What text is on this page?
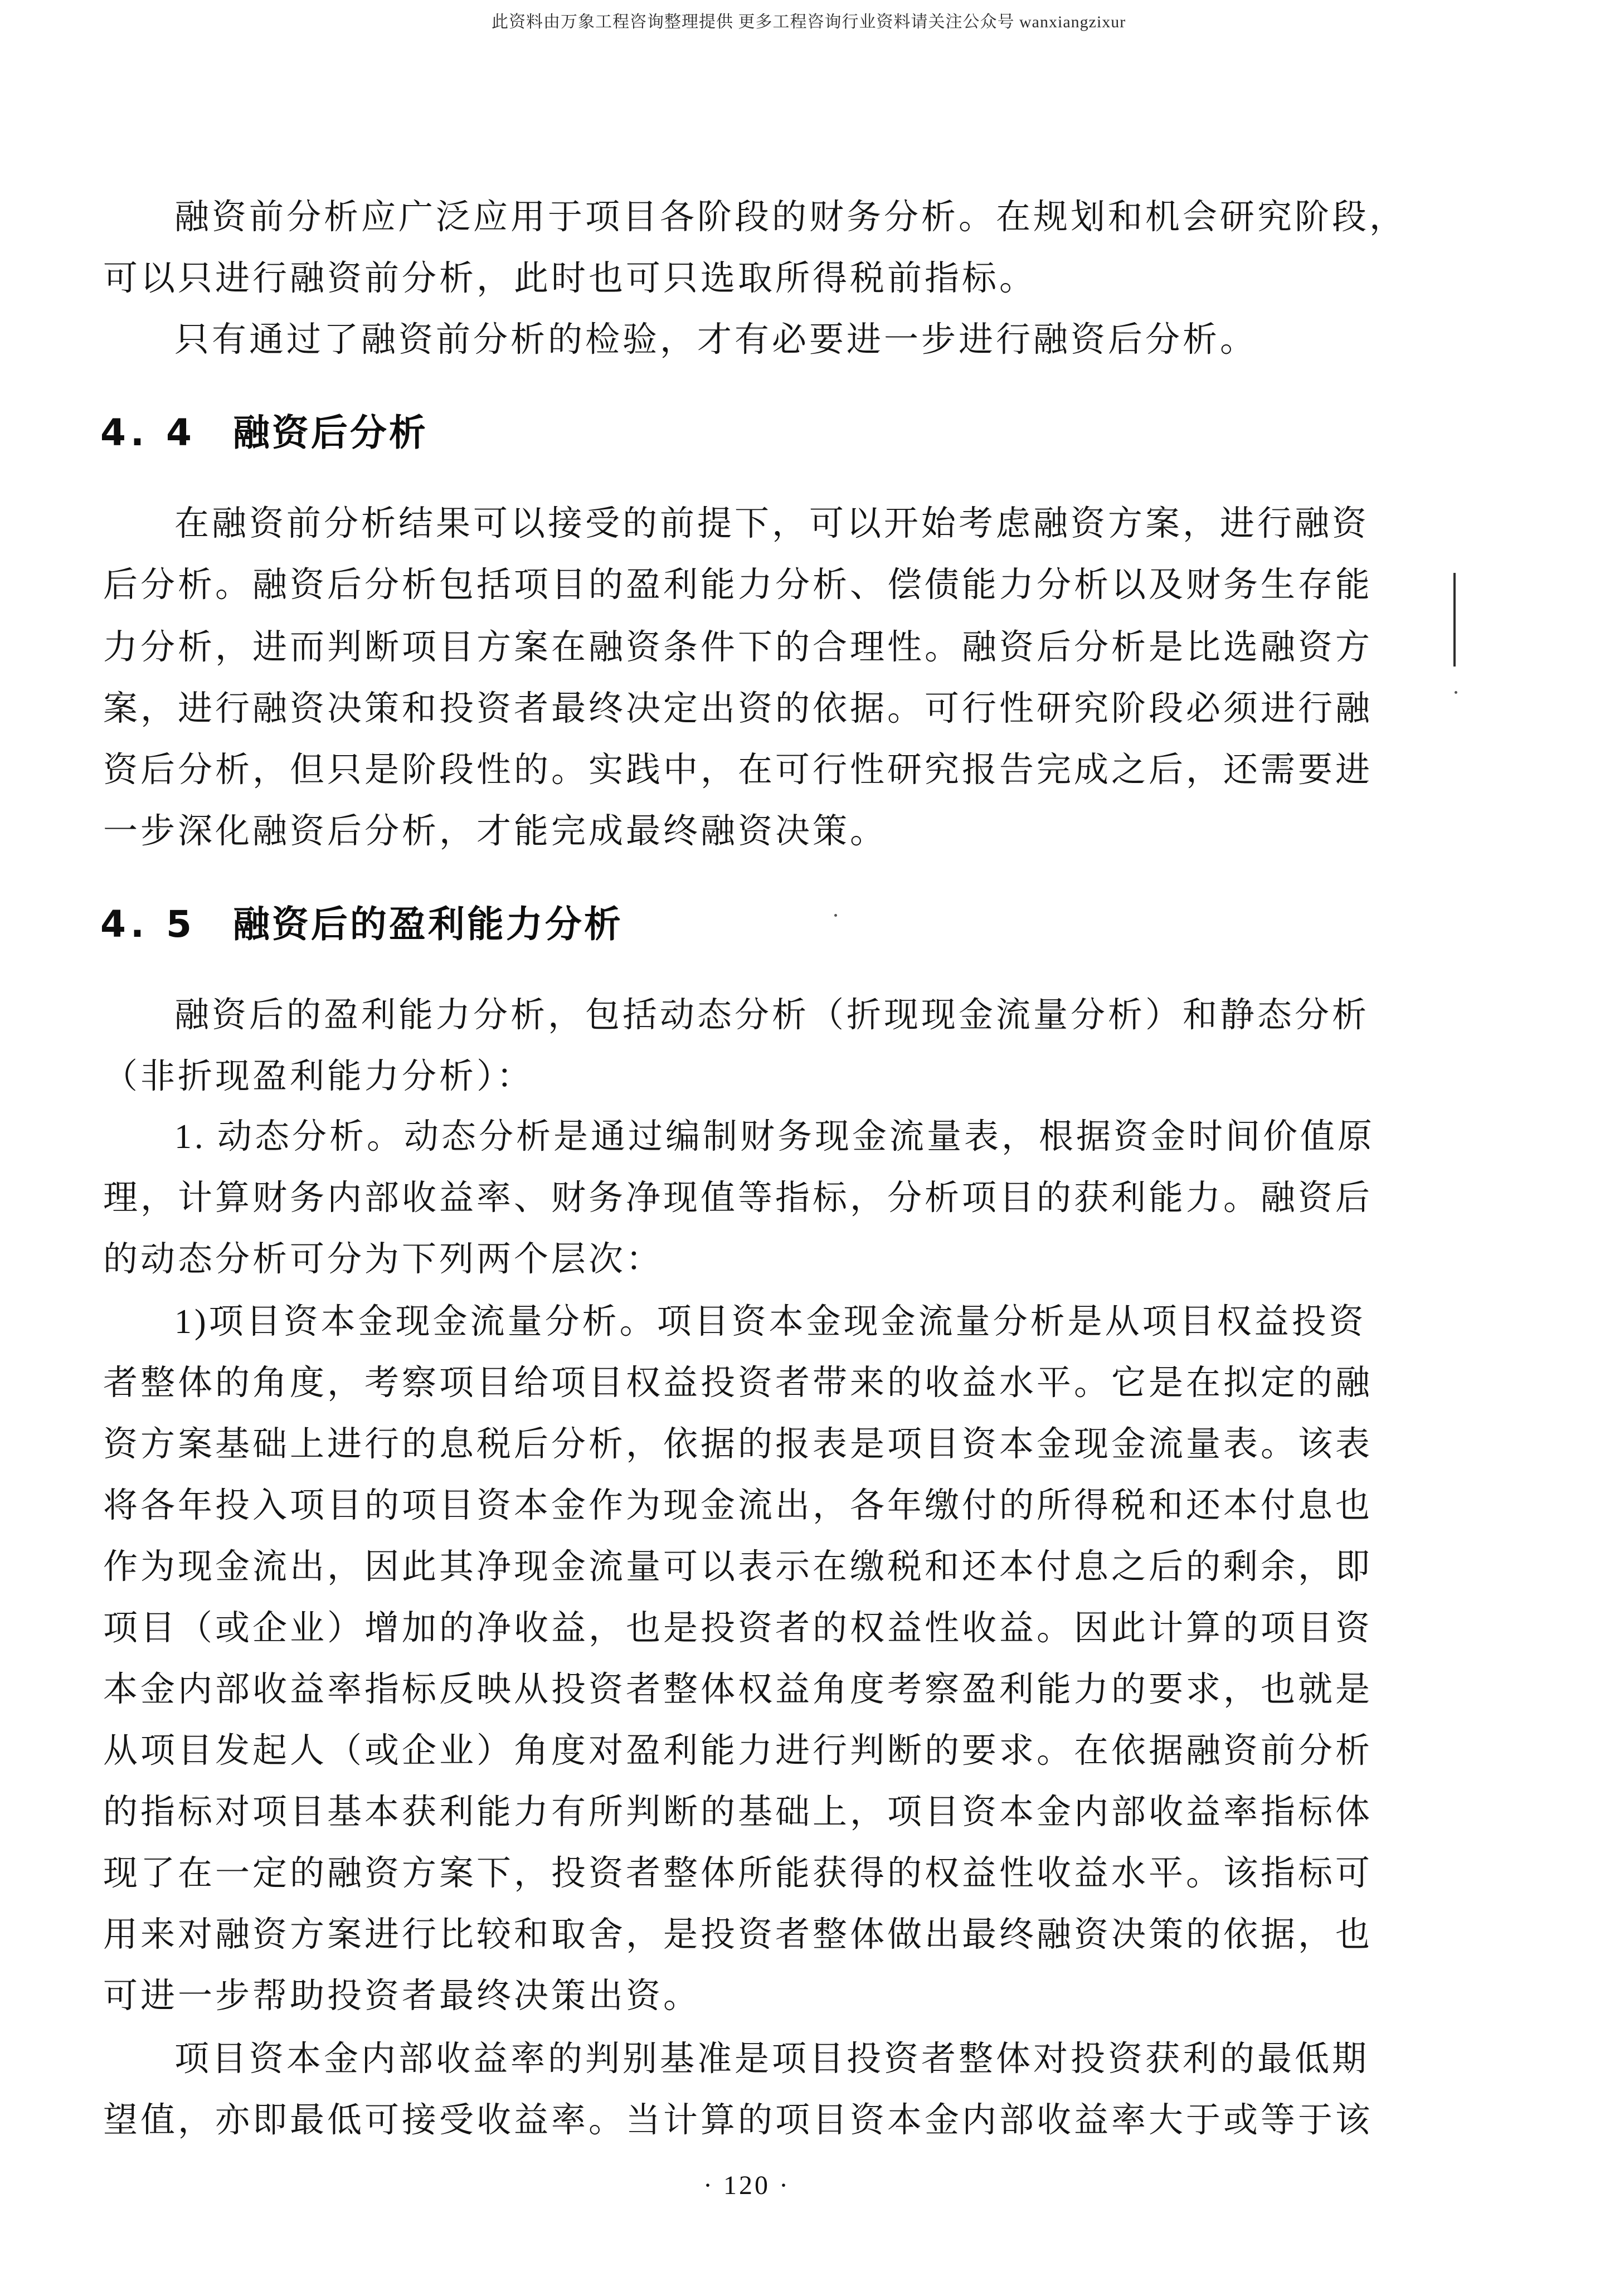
此资料由万象工程咨询整理提供 更多工程咨询行业资料请关注公众号 wanxiangzixur
融资前分析应广泛应用于项目各阶段的财务分析。在规划和机会研究阶段，
可以只进行融资前分析，此时也可只选取所得税前指标。
只有通过了融资前分析的检验，才有必要进一步进行融资后分析。
4. 4 融资后分析
在融资前分析结果可以接受的前提下，可以开始考虑融资方案，进行融资
后分析。融资后分析包括项目的盈利能力分析、偿债能力分析以及财务生存能
力分析，进而判断项目方案在融资条件下的合理性。融资后分析是比选融资方
案，进行融资决策和投资者最终决定出资的依据。可行性研究阶段必须进行融
资后分析，但只是阶段性的。实践中，在可行性研究报告完成之后，还需要进
一步深化融资后分析，才能完成最终融资决策。
4. 5 融资后的盈利能力分析
融资后的盈利能力分析，包括动态分析（折现现金流量分析）和静态分析
（非折现盈利能力分析）：
1. 动态分析。动态分析是通过编制财务现金流量表，根据资金时间价值原
理，计算财务内部收益率、财务净现值等指标，分析项目的获利能力。融资后
的动态分析可分为下列两个层次：
1)项目资本金现金流量分析。项目资本金现金流量分析是从项目权益投资
者整体的角度，考察项目给项目权益投资者带来的收益水平。它是在拟定的融
资方案基础上进行的息税后分析，依据的报表是项目资本金现金流量表。该表
将各年投入项目的项目资本金作为现金流出，各年缴付的所得税和还本付息也
作为现金流出，因此其净现金流量可以表示在缴税和还本付息之后的剩余，即
项目（或企业）增加的净收益，也是投资者的权益性收益。因此计算的项目资
本金内部收益率指标反映从投资者整体权益角度考察盈利能力的要求，也就是
从项目发起人（或企业）角度对盈利能力进行判断的要求。在依据融资前分析
的指标对项目基本获利能力有所判断的基础上，项目资本金内部收益率指标体
现了在一定的融资方案下，投资者整体所能获得的权益性收益水平。该指标可
用来对融资方案进行比较和取舍，是投资者整体做出最终融资决策的依据，也
可进一步帮助投资者最终决策出资。
项目资本金内部收益率的判别基准是项目投资者整体对投资获利的最低期
望值，亦即最低可接受收益率。当计算的项目资本金内部收益率大于或等于该
· 120 ·
